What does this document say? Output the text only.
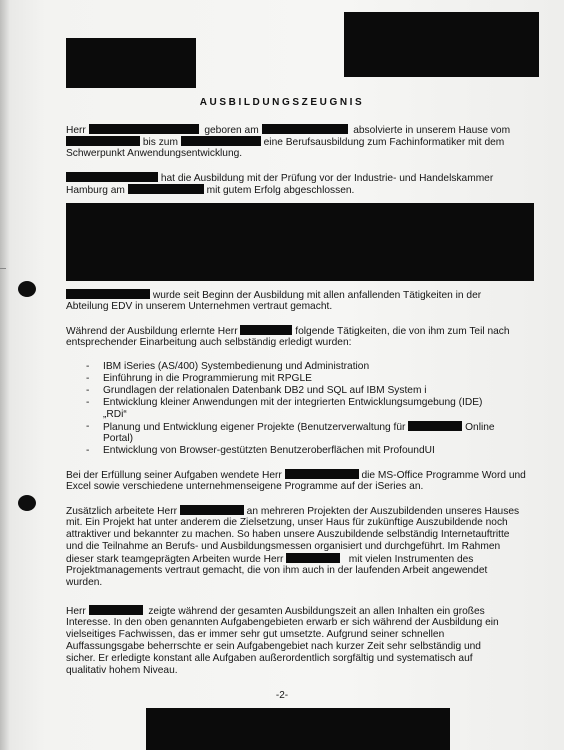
AUSBILDUNGSZEUGNIS
Herr	geboren am	absolvierte in unserem Hause vom
bis zum	eine Berufsausbildung zum Fachinformatiker mit dem
Schwerpunkt Anwendungsentwicklung.
hat die Ausbildung mit der Prüfung vor der Industrie- und Handelskammer
Hamburg am	mit gutem Erfolg abgeschlossen.
wurde seit Beginn der Ausbildung mit allen anfallenden Tätigkeiten in der
Abteilung EDV in unserem Unternehmen vertraut gemacht.
Während der Ausbildung erlernte Herr	folgende Tätigkeiten, die von ihm zum Teil nach
entsprechender Einarbeitung auch selbständig erledigt wurden:
- IBM iSeries (AS/400) Systembedienung und Administration
- Einführung in die Programmierung mit RPGLE
- Grundlagen der relationalen Datenbank DB2 und SQL auf IBM System i
- Entwicklung kleiner Anwendungen mit der integrierten Entwicklungsumgebung (IDE)
„RDi“
- Planung und Entwicklung eigener Projekte (Benutzerverwaltung für	Online
Portal)
- Entwicklung von Browser-gestützten Benutzeroberflächen mit ProfoundUI
Bei der Erfüllung seiner Aufgaben wendete Herr	die MS-Office Programme Word und
Excel sowie verschiedene unternehmenseigene Programme auf der iSeries an.
Zusätzlich arbeitete Herr	an mehreren Projekten der Auszubildenden unseres Hauses
mit. Ein Projekt hat unter anderem die Zielsetzung, unser Haus für zukünftige Auszubildende noch
attraktiver und bekannter zu machen. So haben unsere Auszubildende selbständig Internetauftritte
und die Teilnahme an Berufs- und Ausbildungsmessen organisiert und durchgeführt. Im Rahmen
dieser stark teamgeprägten Arbeiten wurde Herr	mit vielen Instrumenten des
Projektmanagements vertraut gemacht, die von ihm auch in der laufenden Arbeit angewendet
wurden.
Herr	zeigte während der gesamten Ausbildungszeit an allen Inhalten ein großes
Interesse. In den oben genannten Aufgabengebieten erwarb er sich während der Ausbildung ein
vielseitiges Fachwissen, das er immer sehr gut umsetzte. Aufgrund seiner schnellen
Auffassungsgabe beherrschte er sein Aufgabengebiet nach kurzer Zeit sehr selbständig und
sicher. Er erledigte konstant alle Aufgaben außerordentlich sorgfältig und systematisch auf
qualitativ hohem Niveau.
-2-
